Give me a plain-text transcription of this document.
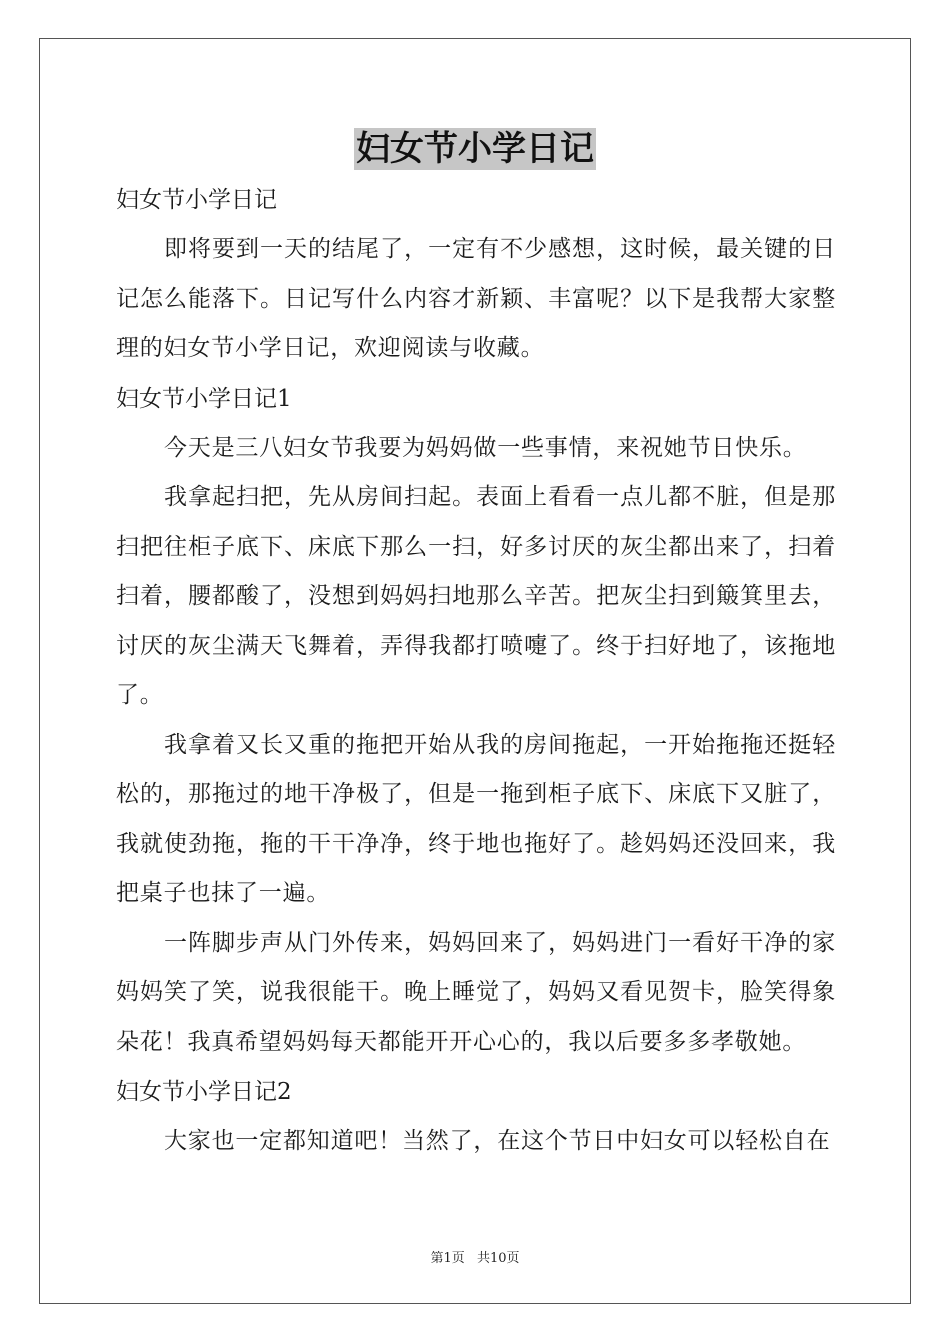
妇女节小学日记

妇女节小学日记

即将要到一天的结尾了，一定有不少感想，这时候，最关键的日记怎么能落下。日记写什么内容才新颖、丰富呢？以下是我帮大家整理的妇女节小学日记，欢迎阅读与收藏。

妇女节小学日记1

今天是三八妇女节我要为妈妈做一些事情，来祝她节日快乐。

我拿起扫把，先从房间扫起。表面上看看一点儿都不脏，但是那扫把往柜子底下、床底下那么一扫，好多讨厌的灰尘都出来了，扫着扫着，腰都酸了，没想到妈妈扫地那么辛苦。把灰尘扫到簸箕里去，讨厌的灰尘满天飞舞着，弄得我都打喷嚏了。终于扫好地了，该拖地了。

我拿着又长又重的拖把开始从我的房间拖起，一开始拖拖还挺轻松的，那拖过的地干净极了，但是一拖到柜子底下、床底下又脏了，我就使劲拖，拖的干干净净，终于地也拖好了。趁妈妈还没回来，我把桌子也抹了一遍。

一阵脚步声从门外传来，妈妈回来了，妈妈进门一看好干净的家妈妈笑了笑，说我很能干。晚上睡觉了，妈妈又看见贺卡，脸笑得象朵花！我真希望妈妈每天都能开开心心的，我以后要多多孝敬她。

妇女节小学日记2

大家也一定都知道吧！当然了，在这个节日中妇女可以轻松自在

第1页 共10页
